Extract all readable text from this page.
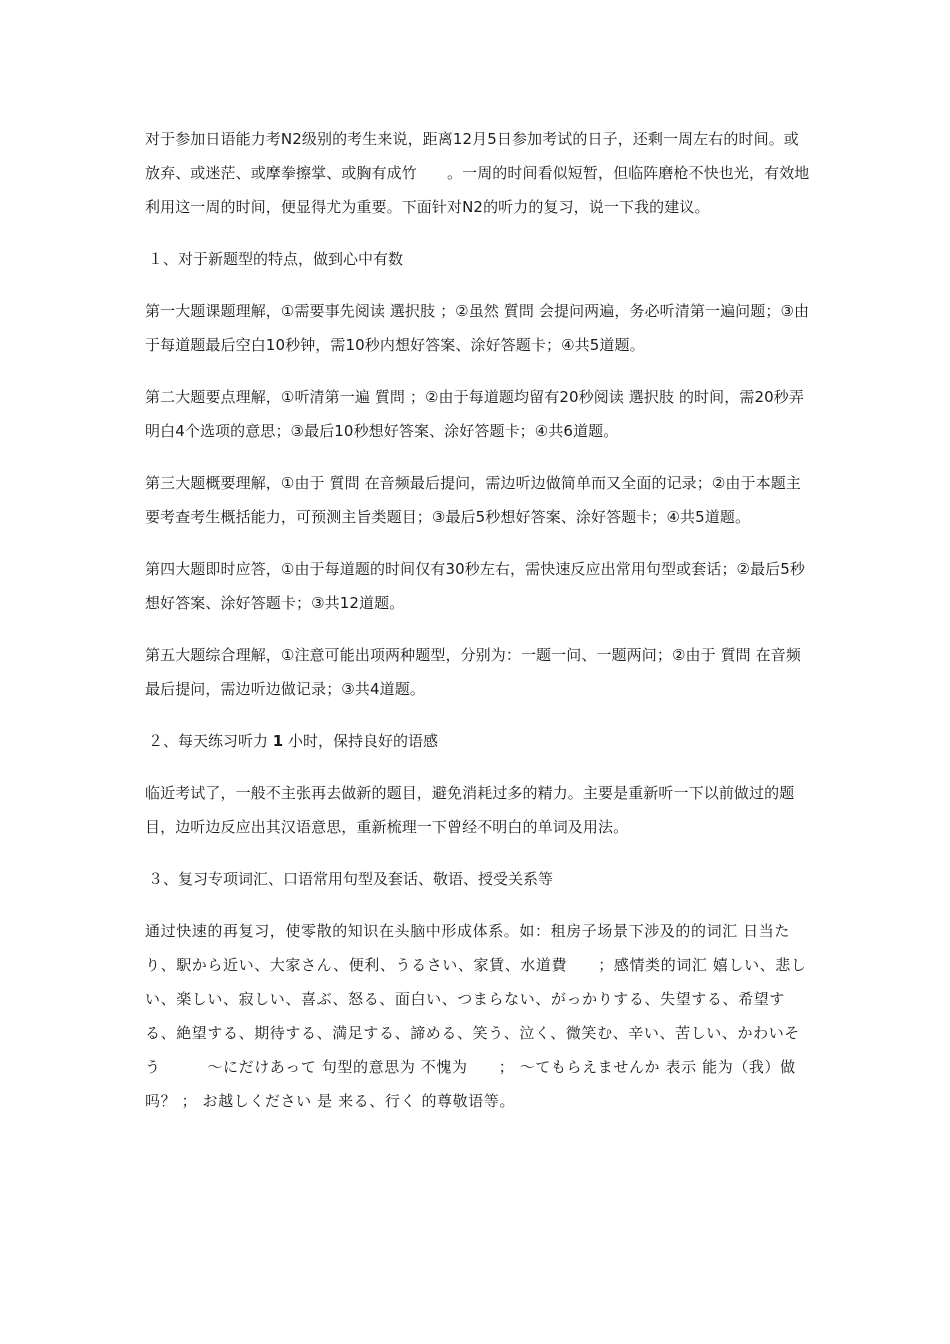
对于参加日语能力考N2级别的考生来说，距离12月5日参加考试的日子，还剩一周左右的时间。或放弃、或迷茫、或摩拳擦掌、或胸有成竹　　。一周的时间看似短暂，但临阵磨枪不快也光，有效地利用这一周的时间，便显得尤为重要。下面针对N2的听力的复习，说一下我的建议。

１、对于新题型的特点，做到心中有数

第一大题课题理解，①需要事先阅读 選択肢 ；②虽然 質問 会提问两遍，务必听清第一遍问题；③由于每道题最后空白10秒钟，需10秒内想好答案、涂好答题卡；④共5道题。

第二大题要点理解，①听清第一遍 質問 ；②由于每道题均留有20秒阅读 選択肢 的时间，需20秒弄明白4个选项的意思；③最后10秒想好答案、涂好答题卡；④共6道题。

第三大题概要理解，①由于 質問 在音频最后提问，需边听边做简单而又全面的记录；②由于本题主要考查考生概括能力，可预测主旨类题目；③最后5秒想好答案、涂好答题卡；④共5道题。

第四大题即时应答，①由于每道题的时间仅有30秒左右，需快速反应出常用句型或套话；②最后5秒想好答案、涂好答题卡；③共12道题。

第五大题综合理解，①注意可能出项两种题型，分别为：一题一问、一题两问；②由于 質問 在音频最后提问，需边听边做记录；③共4道题。

２、每天练习听力 1 小时，保持良好的语感

临近考试了，一般不主张再去做新的题目，避免消耗过多的精力。主要是重新听一下以前做过的题目，边听边反应出其汉语意思，重新梳理一下曾经不明白的单词及用法。

３、复习专项词汇、口语常用句型及套话、敬语、授受关系等

通过快速的再复习，使零散的知识在头脑中形成体系。如：租房子场景下涉及的的词汇 日当たり、駅から近い、大家さん、便利、うるさい、家賃、水道費　　；感情类的词汇 嬉しい、悲しい、楽しい、寂しい、喜ぶ、怒る、面白い、つまらない、がっかりする、失望する、希望する、絶望する、期待する、満足する、諦める、笑う、泣く、微笑む、辛い、苦しい、かわいそう　　　～にだけあって 句型的意思为 不愧为　　； ～てもらえませんか 表示 能为（我）做　　吗？ ； お越しください 是 来る、行く 的尊敬语等。
